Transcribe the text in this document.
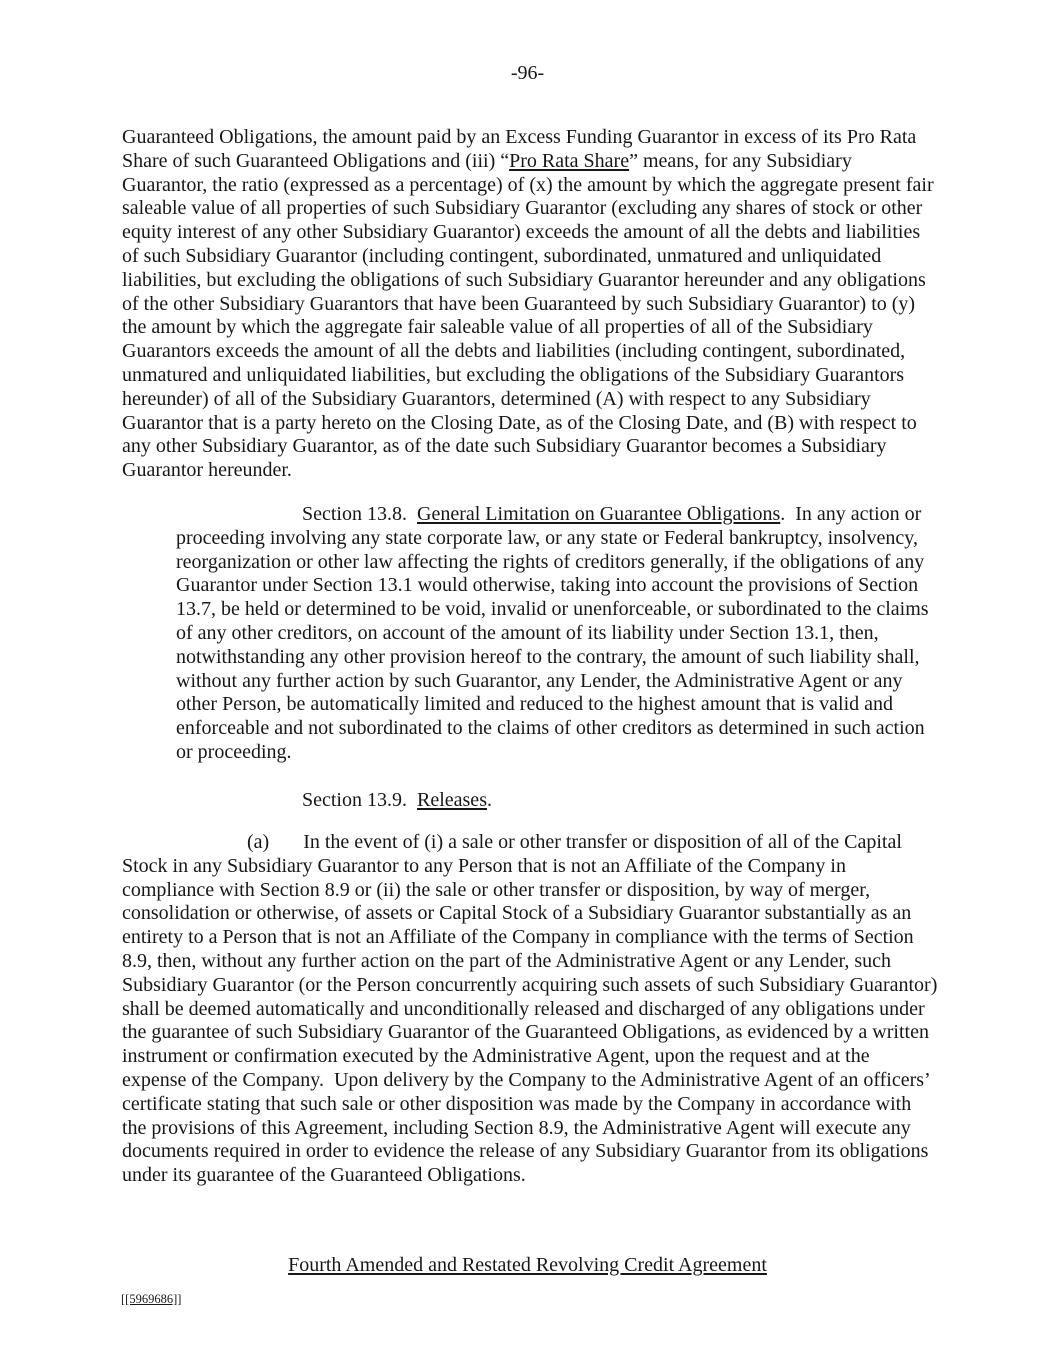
-96-

Guaranteed Obligations, the amount paid by an Excess Funding Guarantor in excess of its Pro Rata Share of such Guaranteed Obligations and (iii) “Pro Rata Share” means, for any Subsidiary Guarantor, the ratio (expressed as a percentage) of (x) the amount by which the aggregate present fair saleable value of all properties of such Subsidiary Guarantor (excluding any shares of stock or other equity interest of any other Subsidiary Guarantor) exceeds the amount of all the debts and liabilities of such Subsidiary Guarantor (including contingent, subordinated, unmatured and unliquidated liabilities, but excluding the obligations of such Subsidiary Guarantor hereunder and any obligations of the other Subsidiary Guarantors that have been Guaranteed by such Subsidiary Guarantor) to (y) the amount by which the aggregate fair saleable value of all properties of all of the Subsidiary Guarantors exceeds the amount of all the debts and liabilities (including contingent, subordinated, unmatured and unliquidated liabilities, but excluding the obligations of the Subsidiary Guarantors hereunder) of all of the Subsidiary Guarantors, determined (A) with respect to any Subsidiary Guarantor that is a party hereto on the Closing Date, as of the Closing Date, and (B) with respect to any other Subsidiary Guarantor, as of the date such Subsidiary Guarantor becomes a Subsidiary Guarantor hereunder.

Section 13.8.  General Limitation on Guarantee Obligations.  In any action or proceeding involving any state corporate law, or any state or Federal bankruptcy, insolvency, reorganization or other law affecting the rights of creditors generally, if the obligations of any Guarantor under Section 13.1 would otherwise, taking into account the provisions of Section 13.7, be held or determined to be void, invalid or unenforceable, or subordinated to the claims of any other creditors, on account of the amount of its liability under Section 13.1, then, notwithstanding any other provision hereof to the contrary, the amount of such liability shall, without any further action by such Guarantor, any Lender, the Administrative Agent or any other Person, be automatically limited and reduced to the highest amount that is valid and enforceable and not subordinated to the claims of other creditors as determined in such action or proceeding.

Section 13.9.  Releases.

(a) In the event of (i) a sale or other transfer or disposition of all of the Capital Stock in any Subsidiary Guarantor to any Person that is not an Affiliate of the Company in compliance with Section 8.9 or (ii) the sale or other transfer or disposition, by way of merger, consolidation or otherwise, of assets or Capital Stock of a Subsidiary Guarantor substantially as an entirety to a Person that is not an Affiliate of the Company in compliance with the terms of Section 8.9, then, without any further action on the part of the Administrative Agent or any Lender, such Subsidiary Guarantor (or the Person concurrently acquiring such assets of such Subsidiary Guarantor) shall be deemed automatically and unconditionally released and discharged of any obligations under the guarantee of such Subsidiary Guarantor of the Guaranteed Obligations, as evidenced by a written instrument or confirmation executed by the Administrative Agent, upon the request and at the expense of the Company.  Upon delivery by the Company to the Administrative Agent of an officers’ certificate stating that such sale or other disposition was made by the Company in accordance with the provisions of this Agreement, including Section 8.9, the Administrative Agent will execute any documents required in order to evidence the release of any Subsidiary Guarantor from its obligations under its guarantee of the Guaranteed Obligations.

Fourth Amended and Restated Revolving Credit Agreement
[[5969686]]
